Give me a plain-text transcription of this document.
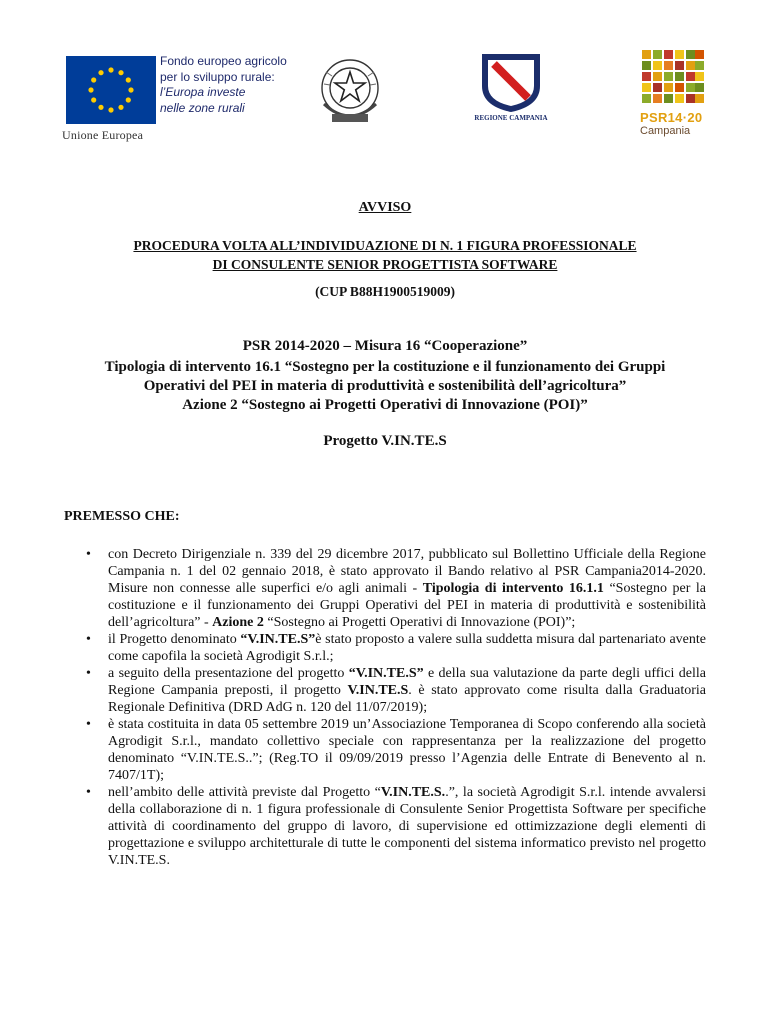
Fondo europeo agricolo
per lo sviluppo rurale:
l’Europa investe
nelle zone rurali
Unione Europea
REGIONE CAMPANIA	PSR14·20
Campania
AVVISO
PROCEDURA VOLTA ALL’INDIVIDUAZIONE DI N. 1 FIGURA PROFESSIONALE
DI CONSULENTE SENIOR PROGETTISTA SOFTWARE
(CUP B88H1900519009)
PSR 2014-2020 – Misura 16 “Cooperazione”
Tipologia di intervento 16.1 “Sostegno per la costituzione e il funzionamento dei Gruppi
Operativi del PEI in materia di produttività e sostenibilità dell’agricoltura”
Azione 2 “Sostegno ai Progetti Operativi di Innovazione (POI)”
Progetto V.IN.TE.S
PREMESSO CHE:
• con Decreto Dirigenziale n. 339 del 29 dicembre 2017, pubblicato sul Bollettino Ufficiale della Regione Campania n. 1 del 02 gennaio 2018, è stato approvato il Bando relativo al PSR Campania2014-2020. Misure non connesse alle superfici e/o agli animali - Tipologia di intervento 16.1.1 “Sostegno per la costituzione e il funzionamento dei Gruppi Operativi del PEI in materia di produttività e sostenibilità dell’agricoltura” - Azione 2 “Sostegno ai Progetti Operativi di Innovazione (POI)”;
• il Progetto denominato “V.IN.TE.S”è stato proposto a valere sulla suddetta misura dal partenariato avente come capofila la società Agrodigit S.r.l.;
• a seguito della presentazione del progetto “V.IN.TE.S” e della sua valutazione da parte degli uffici della Regione Campania preposti, il progetto V.IN.TE.S. è stato approvato come risulta dalla Graduatoria Regionale Definitiva (DRD AdG n. 120 del 11/07/2019);
• è stata costituita in data 05 settembre 2019 un’Associazione Temporanea di Scopo conferendo alla società Agrodigit S.r.l., mandato collettivo speciale con rappresentanza per la realizzazione del progetto denominato “V.IN.TE.S..”; (Reg.TO il 09/09/2019 presso l’Agenzia delle Entrate di Benevento al n. 7407/1T);
• nell’ambito delle attività previste dal Progetto “V.IN.TE.S..”, la società Agrodigit S.r.l. intende avvalersi della collaborazione di n. 1 figura professionale di Consulente Senior Progettista Software per specifiche attività di coordinamento del gruppo di lavoro, di supervisione ed ottimizzazione degli elementi di progettazione e sviluppo architetturale di tutte le componenti del sistema informatico previsto nel progetto V.IN.TE.S.
